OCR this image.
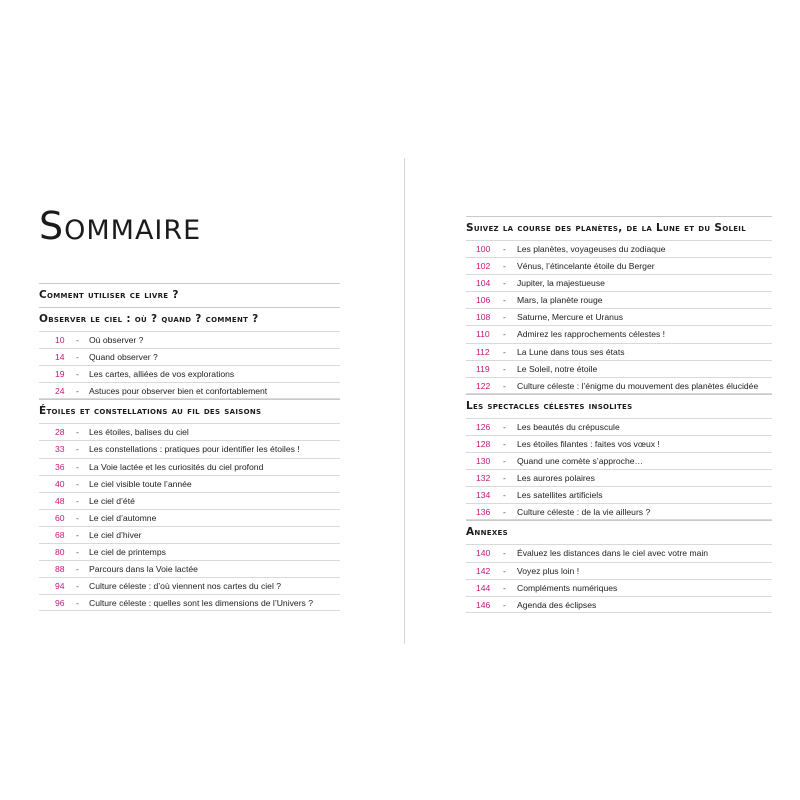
Sommaire
Comment utiliser ce livre ?
Observer le ciel : où ? quand ? comment ?
10 - Où observer ?
14 - Quand observer ?
19 - Les cartes, alliées de vos explorations
24 - Astuces pour observer bien et confortablement
Étoiles et constellations au fil des saisons
28 - Les étoiles, balises du ciel
33 - Les constellations : pratiques pour identifier les étoiles !
36 - La Voie lactée et les curiosités du ciel profond
40 - Le ciel visible toute l’année
48 - Le ciel d’été
60 - Le ciel d’automne
68 - Le ciel d’hiver
80 - Le ciel de printemps
88 - Parcours dans la Voie lactée
94 - Culture céleste : d’où viennent nos cartes du ciel ?
96 - Culture céleste : quelles sont les dimensions de l’Univers ?
Suivez la course des planètes, de la Lune et du Soleil
100 - Les planètes, voyageuses du zodiaque
102 - Vénus, l’étincelante étoile du Berger
104 - Jupiter, la majestueuse
106 - Mars, la planète rouge
108 - Saturne, Mercure et Uranus
110 - Admirez les rapprochements célestes !
112 - La Lune dans tous ses états
119 - Le Soleil, notre étoile
122 - Culture céleste : l’énigme du mouvement des planètes élucidée
Les spectacles célestes insolites
126 - Les beautés du crépuscule
128 - Les étoiles filantes : faites vos vœux !
130 - Quand une comète s’approche…
132 - Les aurores polaires
134 - Les satellites artificiels
136 - Culture céleste : de la vie ailleurs ?
Annexes
140 - Évaluez les distances dans le ciel avec votre main
142 - Voyez plus loin !
144 - Compléments numériques
146 - Agenda des éclipses
